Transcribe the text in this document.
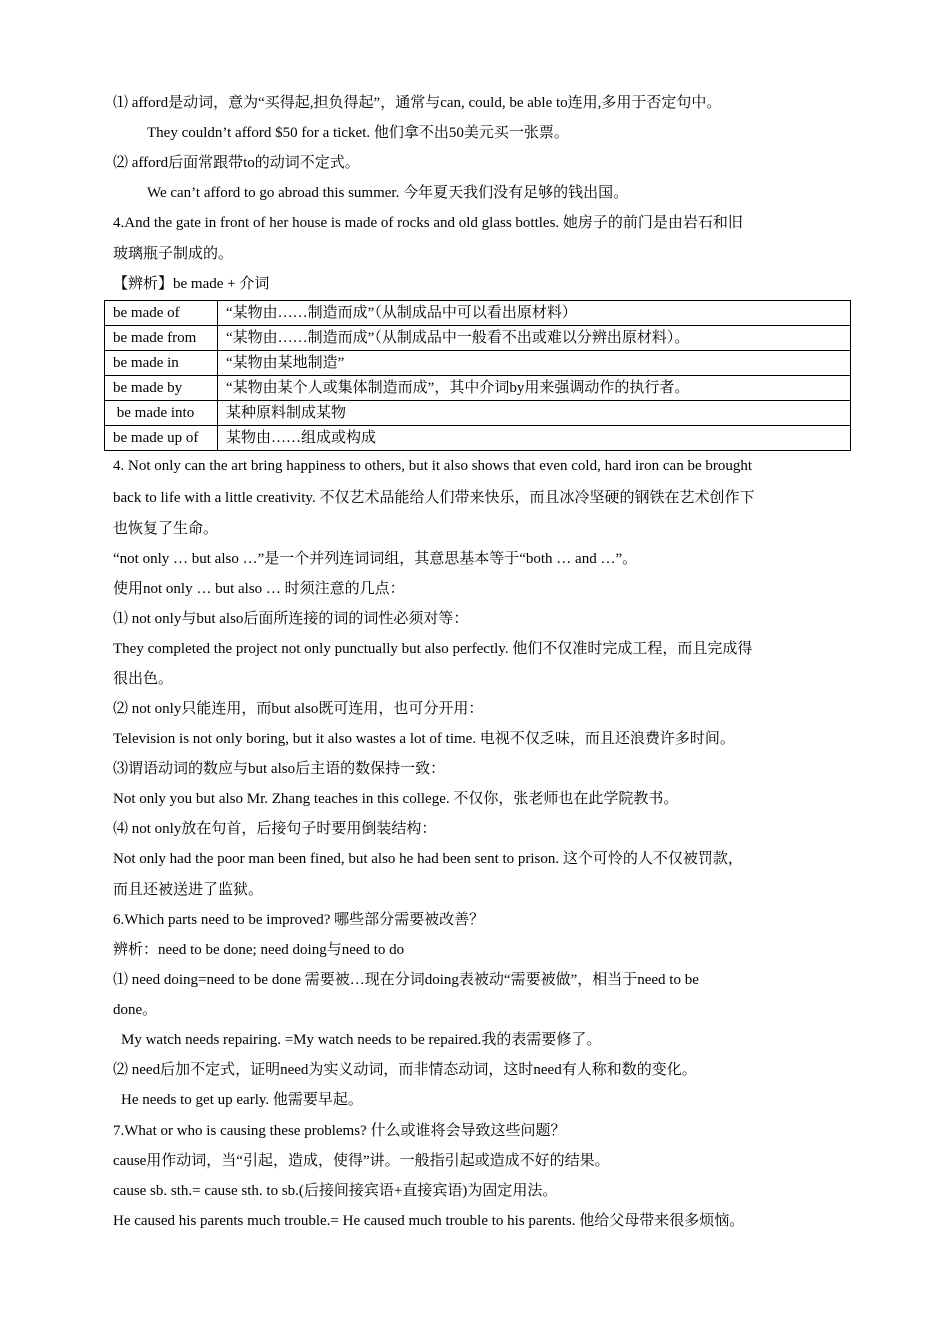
⑴ afford是动词，意为“买得起,担负得起”，通常与can, could, be able to连用,多用于否定句中。
They couldn’t afford $50 for a ticket. 他们拿不出50美元买一张票。
⑵ afford后面常跟带to的动词不定式。
We can’t afford to go abroad this summer. 今年夏天我们没有足够的钱出国。
4.And the gate in front of her house is made of rocks and old glass bottles. 她房子的前门是由岩石和旧
玻璃瓶子制成的。
【辨析】be made + 介词
be made of	“某物由……制造而成”（从制成品中可以看出原材料）
be made from	“某物由……制造而成”（从制成品中一般看不出或难以分辨出原材料）。
be made in	“某物由某地制造”
be made by	“某物由某个人或集体制造而成”，其中介词by用来强调动作的执行者。
be made into	某种原料制成某物
be made up of	某物由……组成或构成
4. Not only can the art bring happiness to others, but it also shows that even cold, hard iron can be brought
back to life with a little creativity. 不仅艺术品能给人们带来快乐，而且冰冷坚硬的钢铁在艺术创作下
也恢复了生命。
“not only … but also …”是一个并列连词词组，其意思基本等于“both … and …”。
使用not only … but also … 时须注意的几点：
⑴ not only与but also后面所连接的词的词性必须对等：
They completed the project not only punctually but also perfectly. 他们不仅准时完成工程，而且完成得
很出色。
⑵ not only只能连用，而but also既可连用，也可分开用：
Television is not only boring, but it also wastes a lot of time. 电视不仅乏味，而且还浪费许多时间。
⑶谓语动词的数应与but also后主语的数保持一致：
Not only you but also Mr. Zhang teaches in this college. 不仅你，张老师也在此学院教书。
⑷ not only放在句首，后接句子时要用倒装结构：
Not only had the poor man been fined, but also he had been sent to prison. 这个可怜的人不仅被罚款，
而且还被送进了监狱。
6.Which parts need to be improved? 哪些部分需要被改善？
辨析：need to be done; need doing与need to do
⑴ need doing=need to be done 需要被…现在分词doing表被动“需要被做”，相当于need to be
done。
My watch needs repairing. =My watch needs to be repaired.我的表需要修了。
⑵ need后加不定式，证明need为实义动词，而非情态动词，这时need有人称和数的变化。
He needs to get up early. 他需要早起。
7.What or who is causing these problems? 什么或谁将会导致这些问题？
cause用作动词，当“引起，造成，使得”讲。一般指引起或造成不好的结果。
cause sb. sth.= cause sth. to sb.(后接间接宾语+直接宾语)为固定用法。
He caused his parents much trouble.= He caused much trouble to his parents. 他给父母带来很多烦恼。
